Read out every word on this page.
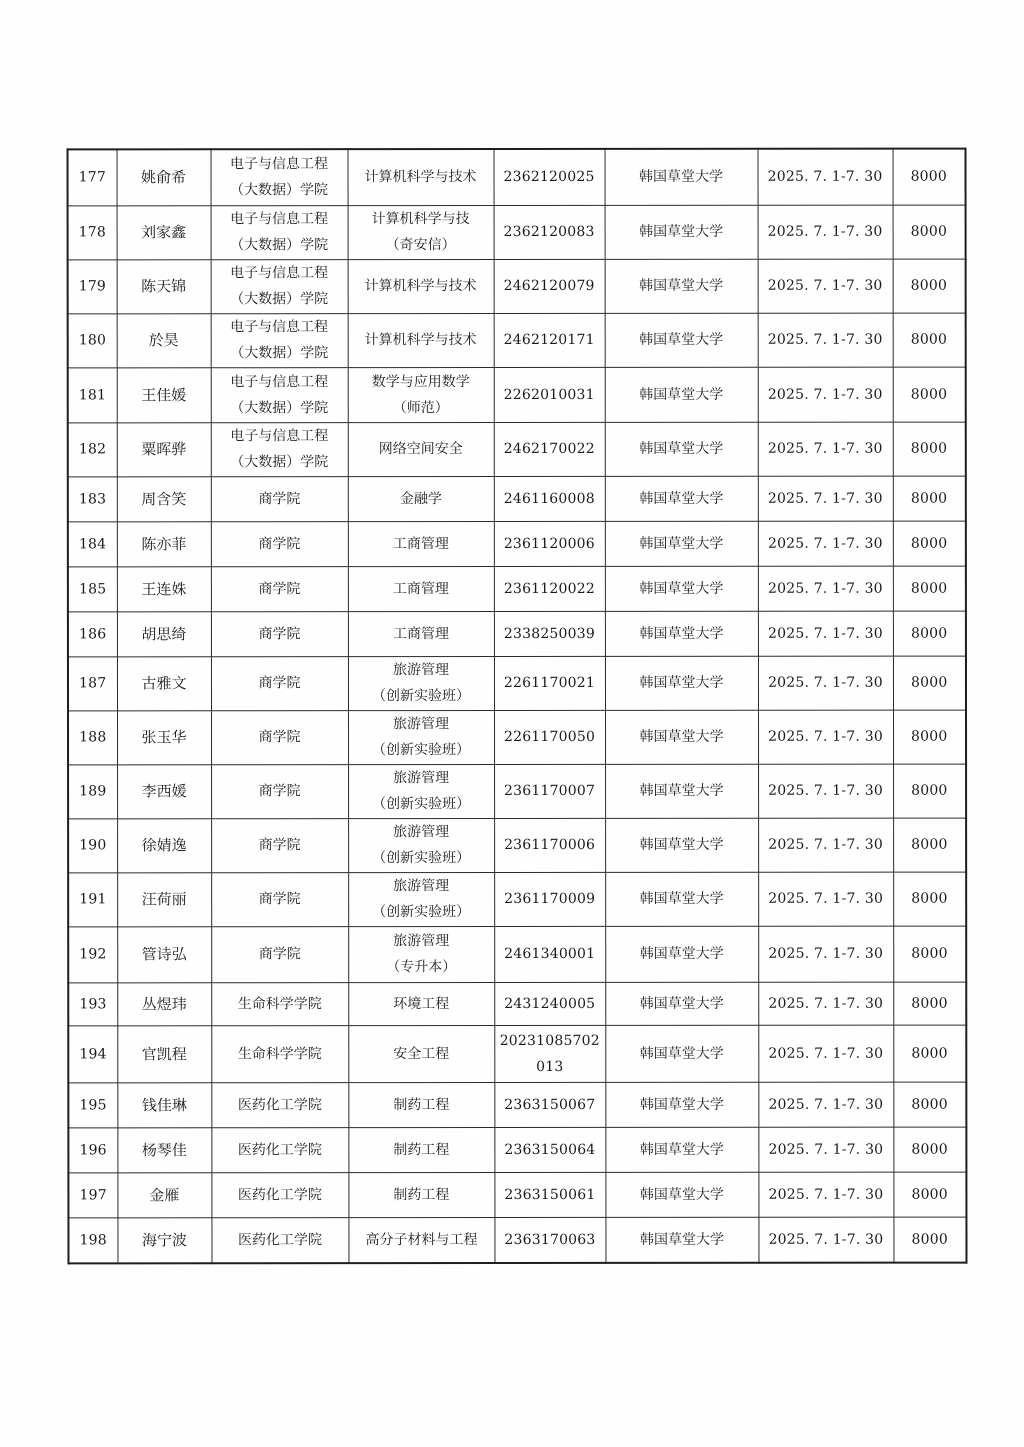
177	姚俞希	电子与信息工程
（大数据）学院	计算机科学与技术	2362120025	韩国草堂大学	2025. 7. 1-7. 30	8000
178	刘家鑫	电子与信息工程
（大数据）学院	计算机科学与技
（奇安信）	2362120083	韩国草堂大学	2025. 7. 1-7. 30	8000
179	陈天锦	电子与信息工程
（大数据）学院	计算机科学与技术	2462120079	韩国草堂大学	2025. 7. 1-7. 30	8000
180	於昊	电子与信息工程
（大数据）学院	计算机科学与技术	2462120171	韩国草堂大学	2025. 7. 1-7. 30	8000
181	王佳媛	电子与信息工程
（大数据）学院	数学与应用数学
（师范）	2262010031	韩国草堂大学	2025. 7. 1-7. 30	8000
182	粟晖骅	电子与信息工程
（大数据）学院	网络空间安全	2462170022	韩国草堂大学	2025. 7. 1-7. 30	8000
183	周含笑	商学院	金融学	2461160008	韩国草堂大学	2025. 7. 1-7. 30	8000
184	陈亦菲	商学院	工商管理	2361120006	韩国草堂大学	2025. 7. 1-7. 30	8000
185	王连姝	商学院	工商管理	2361120022	韩国草堂大学	2025. 7. 1-7. 30	8000
186	胡思绮	商学院	工商管理	2338250039	韩国草堂大学	2025. 7. 1-7. 30	8000
187	古雅文	商学院	旅游管理
（创新实验班）	2261170021	韩国草堂大学	2025. 7. 1-7. 30	8000
188	张玉华	商学院	旅游管理
（创新实验班）	2261170050	韩国草堂大学	2025. 7. 1-7. 30	8000
189	李西媛	商学院	旅游管理
（创新实验班）	2361170007	韩国草堂大学	2025. 7. 1-7. 30	8000
190	徐婧逸	商学院	旅游管理
（创新实验班）	2361170006	韩国草堂大学	2025. 7. 1-7. 30	8000
191	汪荷丽	商学院	旅游管理
（创新实验班）	2361170009	韩国草堂大学	2025. 7. 1-7. 30	8000
192	管诗弘	商学院	旅游管理
（专升本）	2461340001	韩国草堂大学	2025. 7. 1-7. 30	8000
193	丛煜玮	生命科学学院	环境工程	2431240005	韩国草堂大学	2025. 7. 1-7. 30	8000
194	官凯程	生命科学学院	安全工程	20231085702
013	韩国草堂大学	2025. 7. 1-7. 30	8000
195	钱佳琳	医药化工学院	制药工程	2363150067	韩国草堂大学	2025. 7. 1-7. 30	8000
196	杨琴佳	医药化工学院	制药工程	2363150064	韩国草堂大学	2025. 7. 1-7. 30	8000
197	金雁	医药化工学院	制药工程	2363150061	韩国草堂大学	2025. 7. 1-7. 30	8000
198	海宁波	医药化工学院	高分子材料与工程	2363170063	韩国草堂大学	2025. 7. 1-7. 30	8000
